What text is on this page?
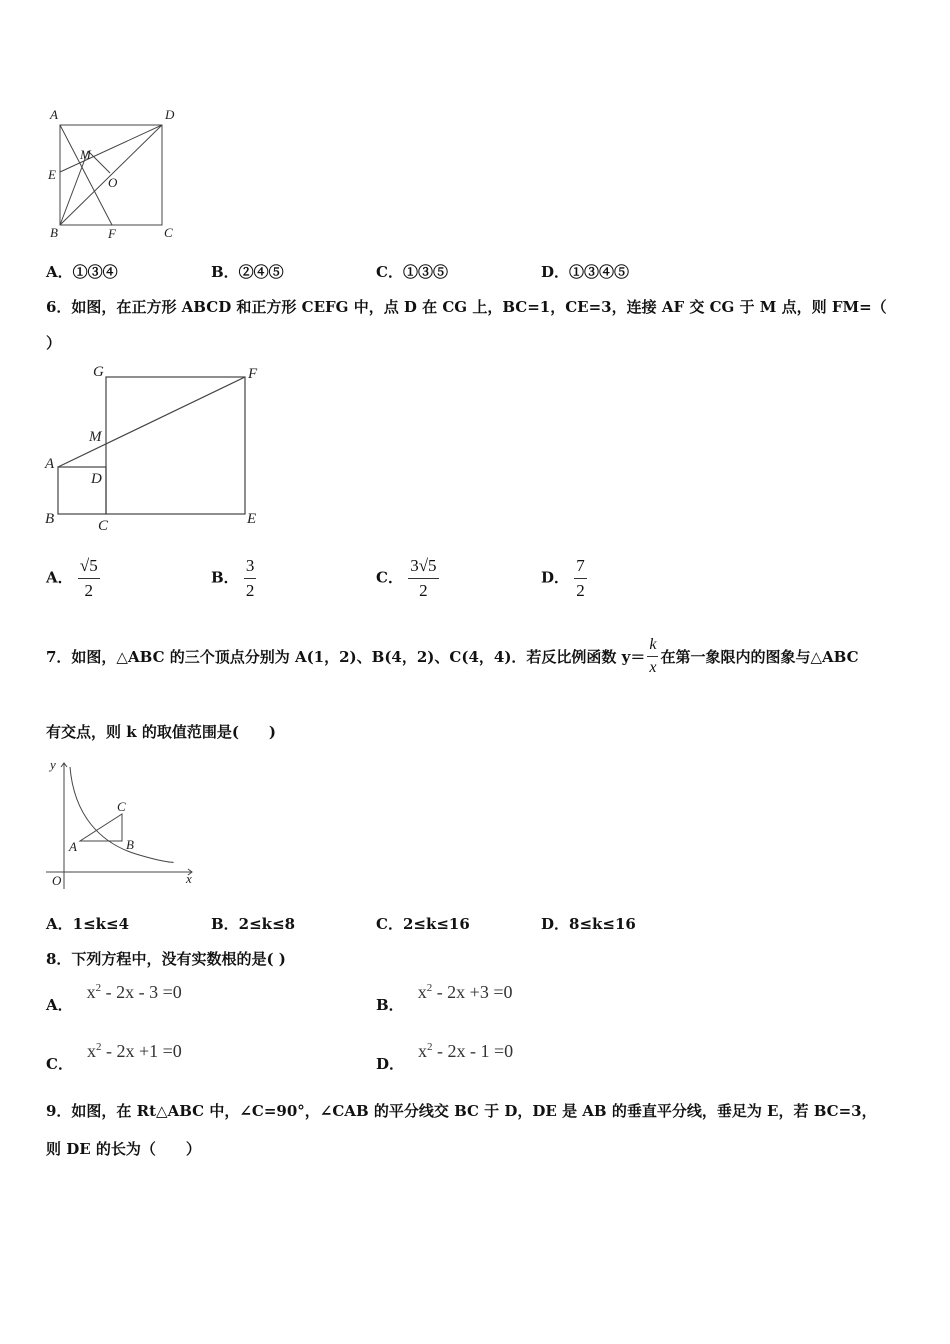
A	D
M
E
O
B	F	C
A．①③④	B．②④⑤	C．①③⑤	D．①③④⑤
6．如图，在正方形 ABCD 和正方形 CEFG 中，点 D 在 CG 上，BC=1，CE=3，连接 AF 交 CG 于 M 点，则 FM=（
）
G	F
M
A
D
B	C	E
A． $\frac{√5}{2}$	B． $\frac{3}{2}$	C． $\frac{3√5}{2}$	D． $\frac{7}{2}$
7．如图，△ABC 的三个顶点分别为 A(1，2)、B(4，2)、C(4，4)．若反比例函数 $y= \frac{k}{x}$ 在第一象限内的图象与△ABC
有交点，则 k 的取值范围是(　　)
y
x
O
A	B
C
A．1≤k≤4	B．2≤k≤8	C．2≤k≤16	D．8≤k≤16
8．下列方程中，没有实数根的是( )
A．
$x^2 - 2x - 3 =0$
B．
$x^2 - 2x +3 =0$
C．
$x^2 - 2x +1 =0$
D．
$x^2 - 2x - 1 =0$
9．如图，在 Rt△ABC 中，∠C=90°，∠CAB 的平分线交 BC 于 D，DE 是 AB 的垂直平分线，垂足为 E，若 BC=3，
则 DE 的长为（　　）
